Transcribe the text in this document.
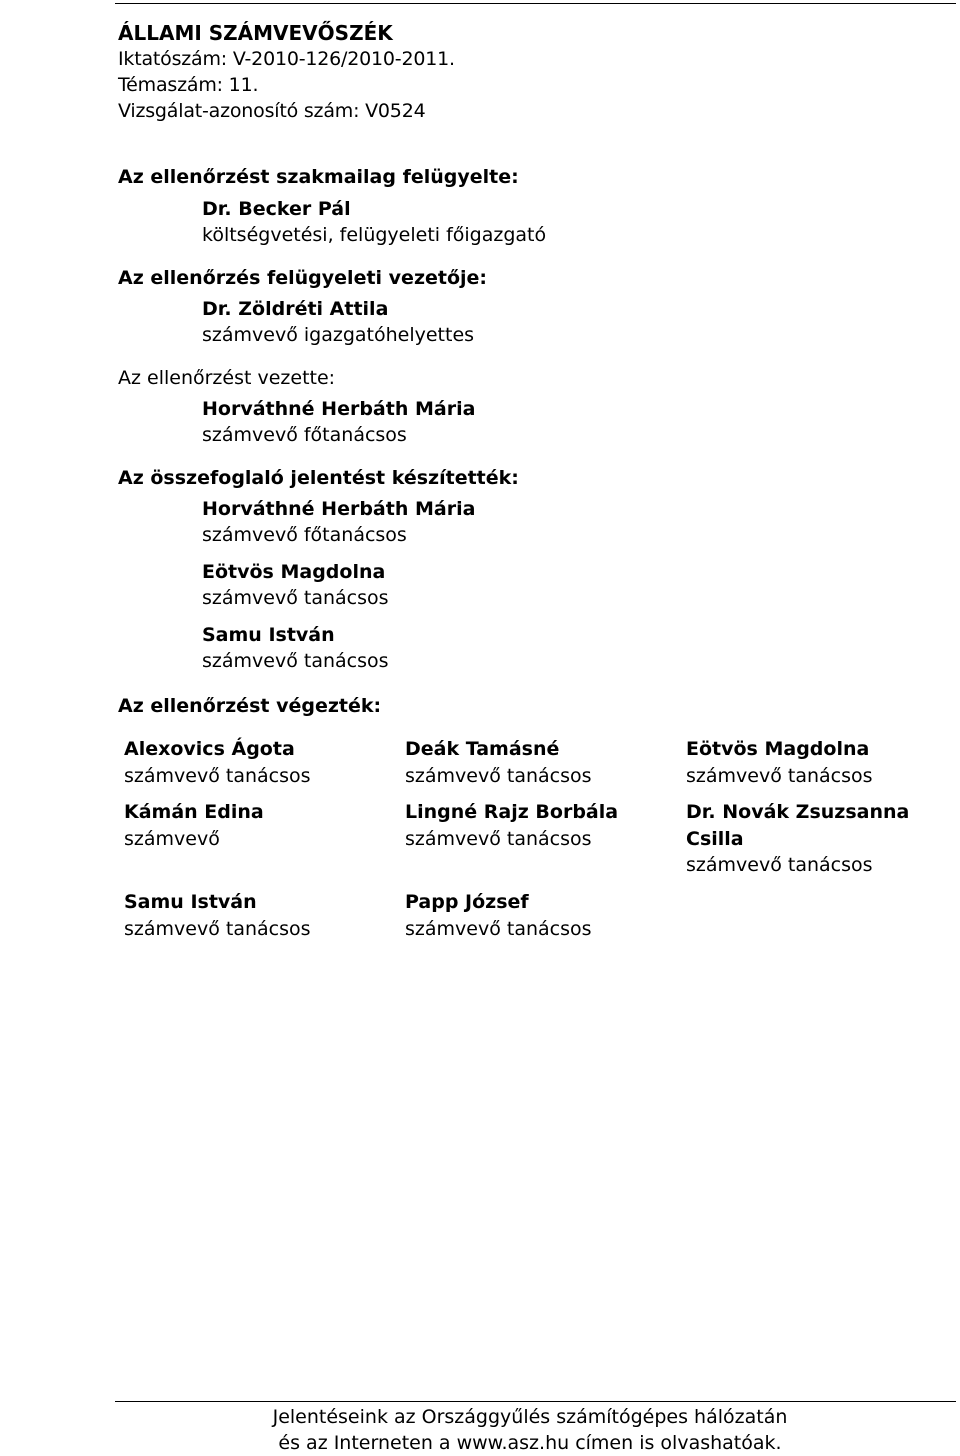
ÁLLAMI SZÁMVEVŐSZÉK
Iktatószám: V-2010-126/2010-2011.
Témaszám: 11.
Vizsgálat-azonosító szám: V0524
Az ellenőrzést szakmailag felügyelte:
Dr. Becker Pál
költségvetési, felügyeleti főigazgató
Az ellenőrzés felügyeleti vezetője:
Dr. Zöldréti Attila
számvevő igazgatóhelyettes
Az ellenőrzést vezette:
Horváthné Herbáth Mária
számvevő főtanácsos
Az összefoglaló jelentést készítették:
Horváthné Herbáth Mária
számvevő főtanácsos
Eötvös Magdolna
számvevő tanácsos
Samu István
számvevő tanácsos
Az ellenőrzést végezték:
Alexovics Ágota
számvevő tanácsos
Deák Tamásné
számvevő tanácsos
Eötvös Magdolna
számvevő tanácsos
Kámán Edina
számvevő
Lingné Rajz Borbála
számvevő tanácsos
Dr. Novák Zsuzsanna Csilla
számvevő tanácsos
Samu István
számvevő tanácsos
Papp József
számvevő tanácsos
Jelentéseink az Országgyűlés számítógépes hálózatán
és az Interneten a www.asz.hu címen is olvashatóak.
